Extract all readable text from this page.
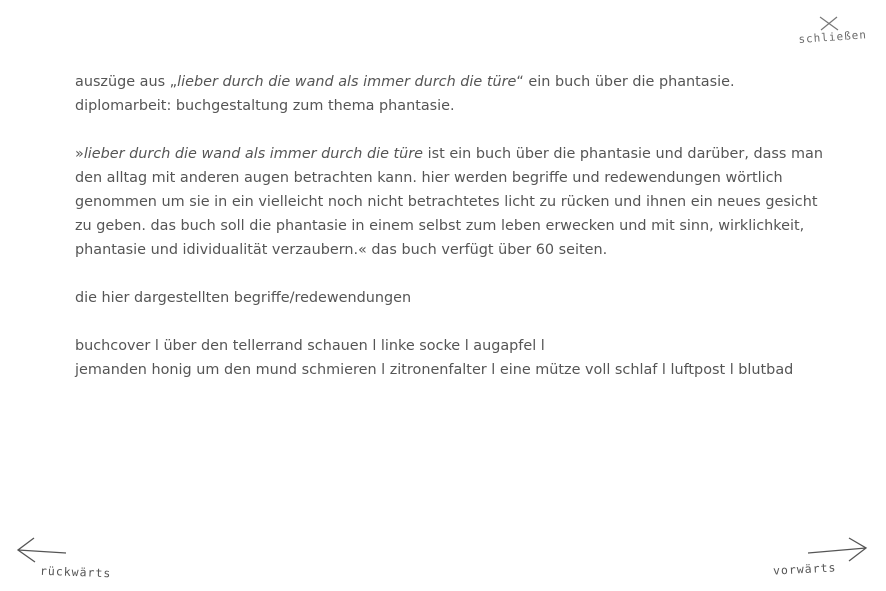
schließen

auszüge aus „lieber durch die wand als immer durch die türe“ ein buch über die phantasie.

diplomarbeit: buchgestaltung zum thema phantasie.

»lieber durch die wand als immer durch die türe ist ein buch über die phantasie und darüber, dass man

den alltag mit anderen augen betrachten kann. hier werden begriffe und redewendungen wörtlich

genommen um sie in ein vielleicht noch nicht betrachtetes licht zu rücken und ihnen ein neues gesicht

zu geben. das buch soll die phantasie in einem selbst zum leben erwecken und mit sinn, wirklichkeit,

phantasie und idividualität verzaubern.« das buch verfügt über 60 seiten.

die hier dargestellten begriffe/redewendungen

buchcover l über den tellerrand schauen l linke socke l augapfel l

jemanden honig um den mund schmieren l zitronenfalter l eine mütze voll schlaf l luftpost l blutbad

rückwärts	vorwärts
